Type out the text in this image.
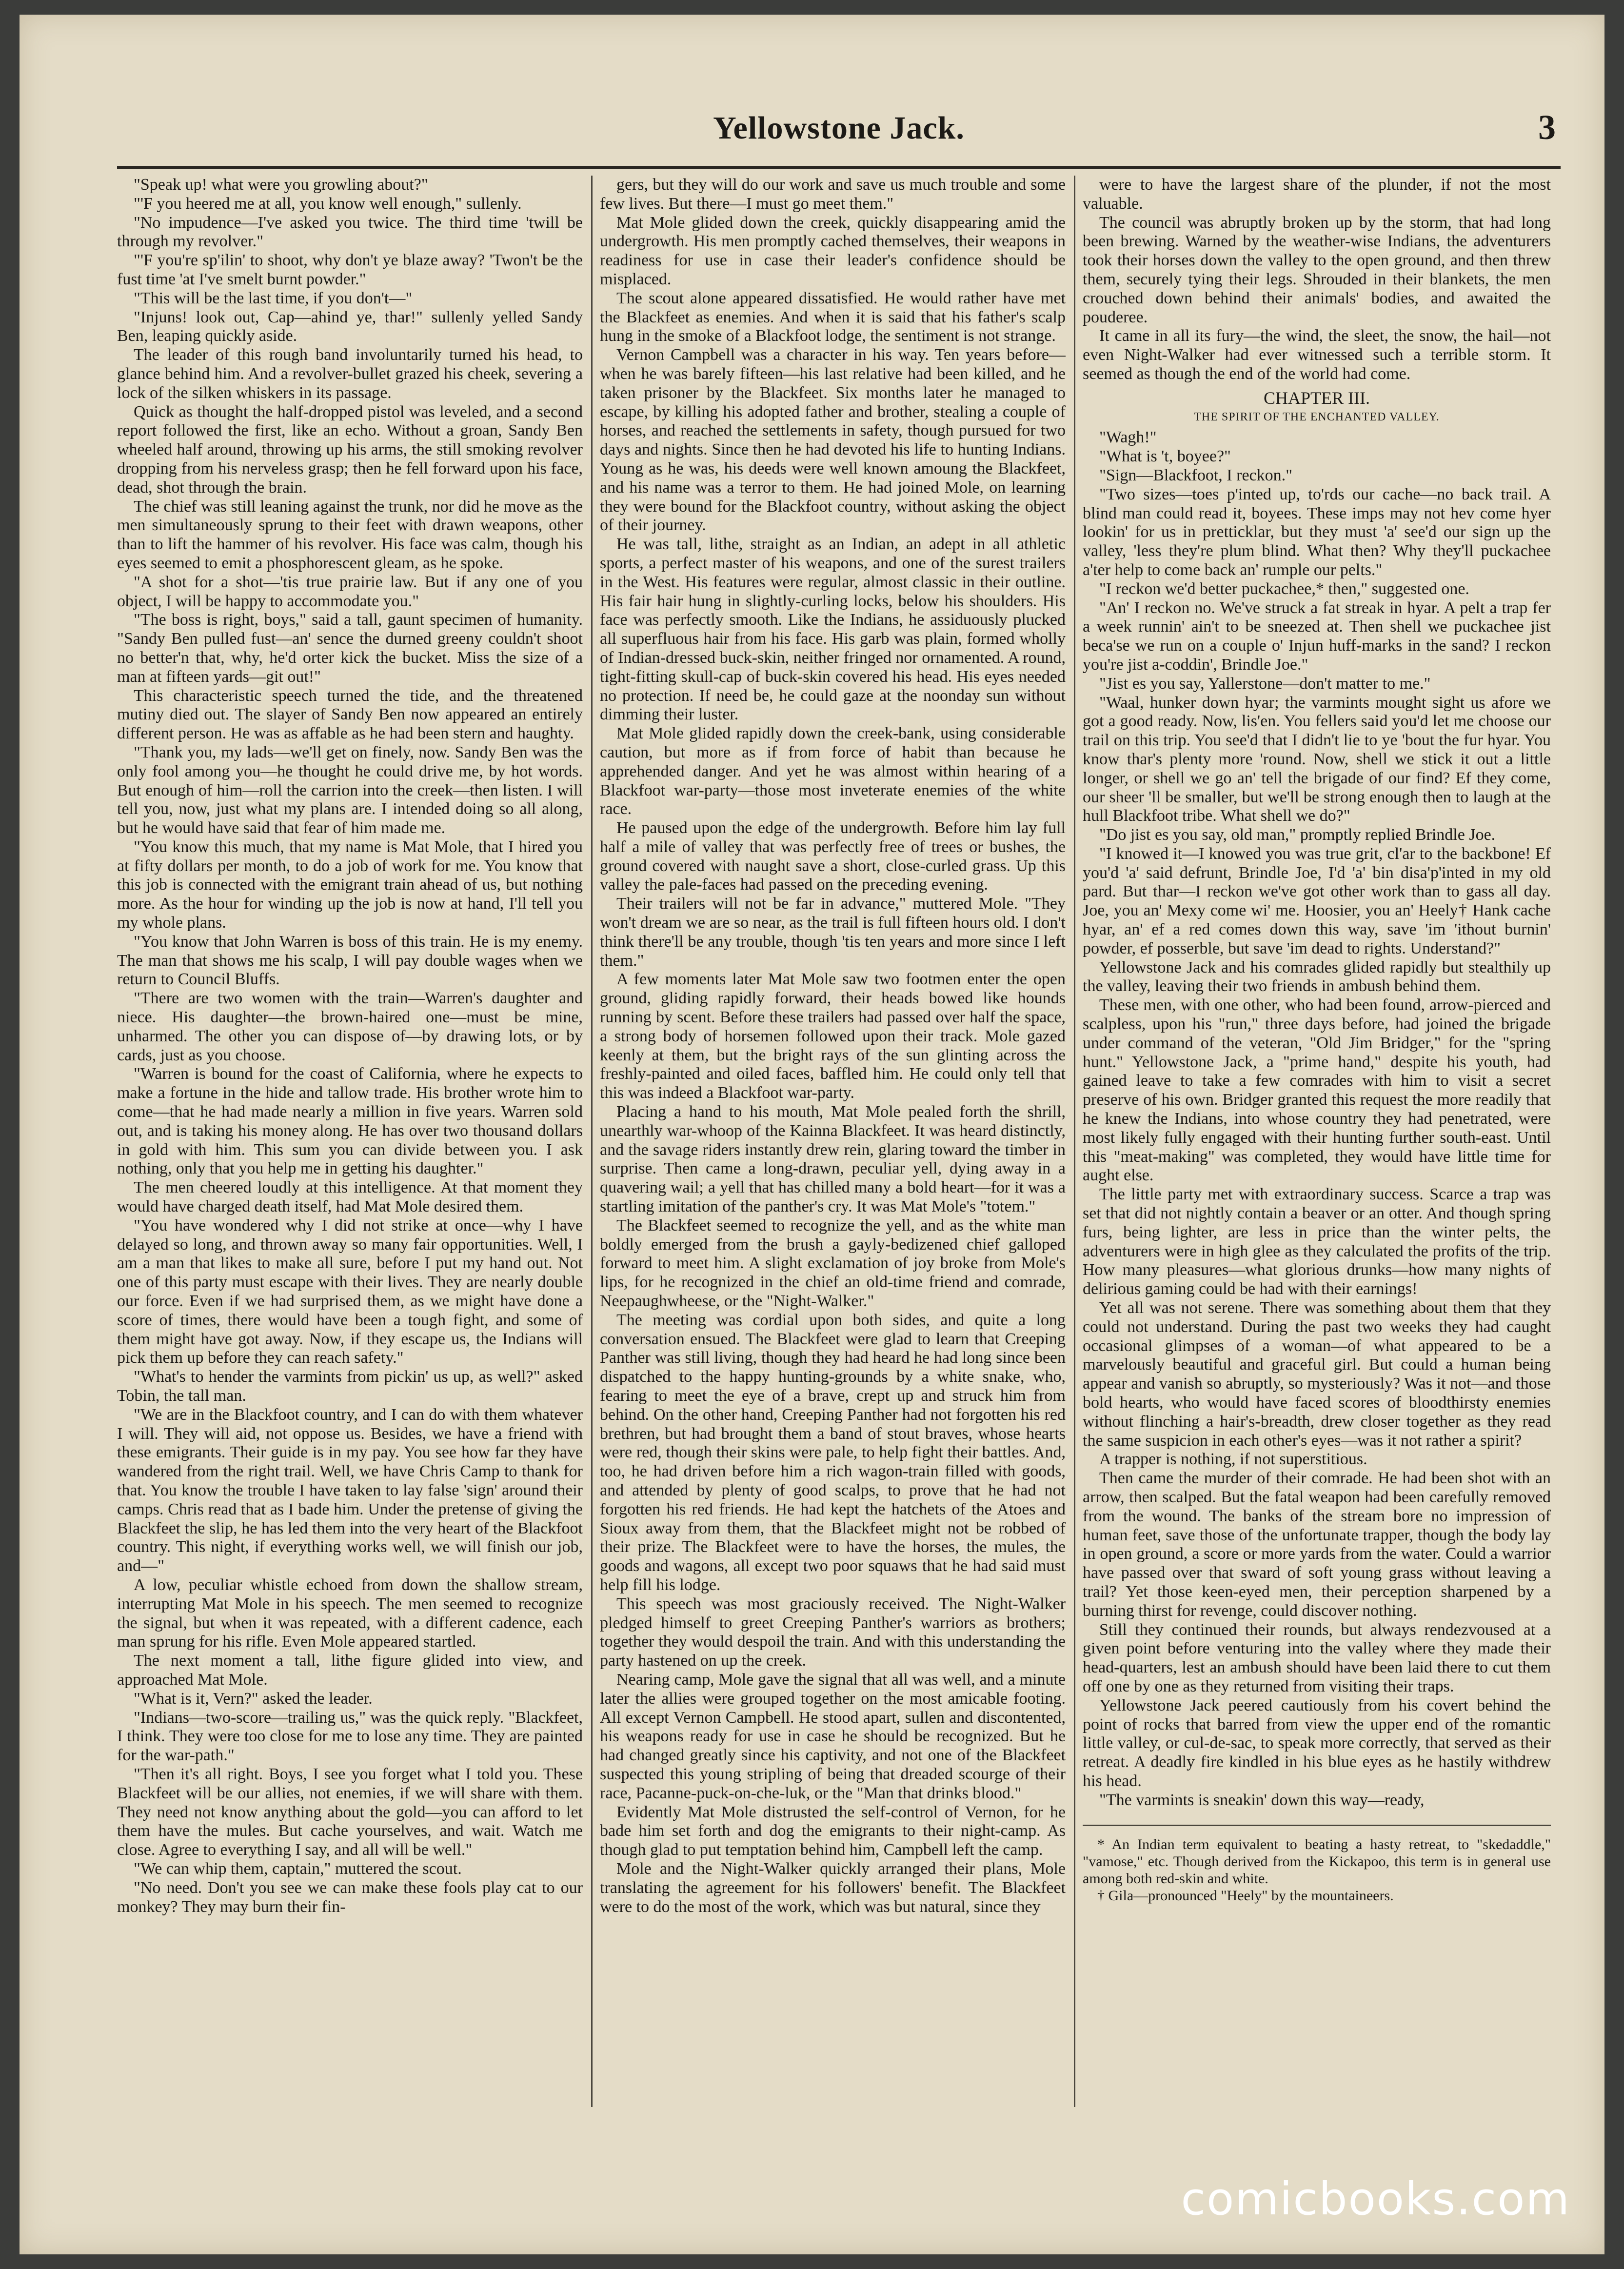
Yellowstone Jack.	3

"Speak up! what were you growling about?"

"'F you heered me at all, you know well enough," sullenly.

"No impudence—I've asked you twice. The third time 'twill be through my revolver."

"'F you're sp'ilin' to shoot, why don't ye blaze away? 'Twon't be the fust time 'at I've smelt burnt powder."

"This will be the last time, if you don't—"

"Injuns! look out, Cap—ahind ye, thar!" sullenly yelled Sandy Ben, leaping quickly aside.

The leader of this rough band involuntarily turned his head, to glance behind him. And a revolver-bullet grazed his cheek, severing a lock of the silken whiskers in its passage.

Quick as thought the half-dropped pistol was leveled, and a second report followed the first, like an echo. Without a groan, Sandy Ben wheeled half around, throwing up his arms, the still smoking revolver dropping from his nerveless grasp; then he fell forward upon his face, dead, shot through the brain.

The chief was still leaning against the trunk, nor did he move as the men simultaneously sprung to their feet with drawn weapons, other than to lift the hammer of his revolver. His face was calm, though his eyes seemed to emit a phosphorescent gleam, as he spoke.

"A shot for a shot—'tis true prairie law. But if any one of you object, I will be happy to accommodate you."

"The boss is right, boys," said a tall, gaunt specimen of humanity. "Sandy Ben pulled fust—an' sence the durned greeny couldn't shoot no better'n that, why, he'd orter kick the bucket. Miss the size of a man at fifteen yards—git out!"

This characteristic speech turned the tide, and the threatened mutiny died out. The slayer of Sandy Ben now appeared an entirely different person. He was as affable as he had been stern and haughty.

"Thank you, my lads—we'll get on finely, now. Sandy Ben was the only fool among you—he thought he could drive me, by hot words. But enough of him—roll the carrion into the creek—then listen. I will tell you, now, just what my plans are. I intended doing so all along, but he would have said that fear of him made me.

"You know this much, that my name is Mat Mole, that I hired you at fifty dollars per month, to do a job of work for me. You know that this job is connected with the emigrant train ahead of us, but nothing more. As the hour for winding up the job is now at hand, I'll tell you my whole plans.

"You know that John Warren is boss of this train. He is my enemy. The man that shows me his scalp, I will pay double wages when we return to Council Bluffs.

"There are two women with the train—Warren's daughter and niece. His daughter—the brown-haired one—must be mine, unharmed. The other you can dispose of—by drawing lots, or by cards, just as you choose.

"Warren is bound for the coast of California, where he expects to make a fortune in the hide and tallow trade. His brother wrote him to come—that he had made nearly a million in five years. Warren sold out, and is taking his money along. He has over two thousand dollars in gold with him. This sum you can divide between you. I ask nothing, only that you help me in getting his daughter."

The men cheered loudly at this intelligence. At that moment they would have charged death itself, had Mat Mole desired them.

"You have wondered why I did not strike at once—why I have delayed so long, and thrown away so many fair opportunities. Well, I am a man that likes to make all sure, before I put my hand out. Not one of this party must escape with their lives. They are nearly double our force. Even if we had surprised them, as we might have done a score of times, there would have been a tough fight, and some of them might have got away. Now, if they escape us, the Indians will pick them up before they can reach safety."

"What's to hender the varmints from pickin' us up, as well?" asked Tobin, the tall man.

"We are in the Blackfoot country, and I can do with them whatever I will. They will aid, not oppose us. Besides, we have a friend with these emigrants. Their guide is in my pay. You see how far they have wandered from the right trail. Well, we have Chris Camp to thank for that. You know the trouble I have taken to lay false 'sign' around their camps. Chris read that as I bade him. Under the pretense of giving the Blackfeet the slip, he has led them into the very heart of the Blackfoot country. This night, if everything works well, we will finish our job, and—"

A low, peculiar whistle echoed from down the shallow stream, interrupting Mat Mole in his speech. The men seemed to recognize the signal, but when it was repeated, with a different cadence, each man sprung for his rifle. Even Mole appeared startled.

The next moment a tall, lithe figure glided into view, and approached Mat Mole.

"What is it, Vern?" asked the leader.

"Indians—two-score—trailing us," was the quick reply. "Blackfeet, I think. They were too close for me to lose any time. They are painted for the war-path."

"Then it's all right. Boys, I see you forget what I told you. These Blackfeet will be our allies, not enemies, if we will share with them. They need not know anything about the gold—you can afford to let them have the mules. But cache yourselves, and wait. Watch me close. Agree to everything I say, and all will be well."

"We can whip them, captain," muttered the scout.

"No need. Don't you see we can make these fools play cat to our monkey? They may burn their fin-

gers, but they will do our work and save us much trouble and some few lives. But there—I must go meet them."

Mat Mole glided down the creek, quickly disappearing amid the undergrowth. His men promptly cached themselves, their weapons in readiness for use in case their leader's confidence should be misplaced.

The scout alone appeared dissatisfied. He would rather have met the Blackfeet as enemies. And when it is said that his father's scalp hung in the smoke of a Blackfoot lodge, the sentiment is not strange.

Vernon Campbell was a character in his way. Ten years before—when he was barely fifteen—his last relative had been killed, and he taken prisoner by the Blackfeet. Six months later he managed to escape, by killing his adopted father and brother, stealing a couple of horses, and reached the settlements in safety, though pursued for two days and nights. Since then he had devoted his life to hunting Indians. Young as he was, his deeds were well known amoung the Blackfeet, and his name was a terror to them. He had joined Mole, on learning they were bound for the Blackfoot country, without asking the object of their journey.

He was tall, lithe, straight as an Indian, an adept in all athletic sports, a perfect master of his weapons, and one of the surest trailers in the West. His features were regular, almost classic in their outline. His fair hair hung in slightly-curling locks, below his shoulders. His face was perfectly smooth. Like the Indians, he assiduously plucked all superfluous hair from his face. His garb was plain, formed wholly of Indian-dressed buck-skin, neither fringed nor ornamented. A round, tight-fitting skull-cap of buck-skin covered his head. His eyes needed no protection. If need be, he could gaze at the noonday sun without dimming their luster.

Mat Mole glided rapidly down the creek-bank, using considerable caution, but more as if from force of habit than because he apprehended danger. And yet he was almost within hearing of a Blackfoot war-party—those most inveterate enemies of the white race.

He paused upon the edge of the undergrowth. Before him lay full half a mile of valley that was perfectly free of trees or bushes, the ground covered with naught save a short, close-curled grass. Up this valley the pale-faces had passed on the preceding evening.

Their trailers will not be far in advance," muttered Mole. "They won't dream we are so near, as the trail is full fifteen hours old. I don't think there'll be any trouble, though 'tis ten years and more since I left them."

A few moments later Mat Mole saw two footmen enter the open ground, gliding rapidly forward, their heads bowed like hounds running by scent. Before these trailers had passed over half the space, a strong body of horsemen followed upon their track. Mole gazed keenly at them, but the bright rays of the sun glinting across the freshly-painted and oiled faces, baffled him. He could only tell that this was indeed a Blackfoot war-party.

Placing a hand to his mouth, Mat Mole pealed forth the shrill, unearthly war-whoop of the Kainna Blackfeet. It was heard distinctly, and the savage riders instantly drew rein, glaring toward the timber in surprise. Then came a long-drawn, peculiar yell, dying away in a quavering wail; a yell that has chilled many a bold heart—for it was a startling imitation of the panther's cry. It was Mat Mole's "totem."

The Blackfeet seemed to recognize the yell, and as the white man boldly emerged from the brush a gayly-bedizened chief galloped forward to meet him. A slight exclamation of joy broke from Mole's lips, for he recognized in the chief an old-time friend and comrade, Neepaughwheese, or the "Night-Walker."

The meeting was cordial upon both sides, and quite a long conversation ensued. The Blackfeet were glad to learn that Creeping Panther was still living, though they had heard he had long since been dispatched to the happy hunting-grounds by a white snake, who, fearing to meet the eye of a brave, crept up and struck him from behind. On the other hand, Creeping Panther had not forgotten his red brethren, but had brought them a band of stout braves, whose hearts were red, though their skins were pale, to help fight their battles. And, too, he had driven before him a rich wagon-train filled with goods, and attended by plenty of good scalps, to prove that he had not forgotten his red friends. He had kept the hatchets of the Atoes and Sioux away from them, that the Blackfeet might not be robbed of their prize. The Blackfeet were to have the horses, the mules, the goods and wagons, all except two poor squaws that he had said must help fill his lodge.

This speech was most graciously received. The Night-Walker pledged himself to greet Creeping Panther's warriors as brothers; together they would despoil the train. And with this understanding the party hastened on up the creek.

Nearing camp, Mole gave the signal that all was well, and a minute later the allies were grouped together on the most amicable footing. All except Vernon Campbell. He stood apart, sullen and discontented, his weapons ready for use in case he should be recognized. But he had changed greatly since his captivity, and not one of the Blackfeet suspected this young stripling of being that dreaded scourge of their race, Pacanne-puck-on-che-luk, or the "Man that drinks blood."

Evidently Mat Mole distrusted the self-control of Vernon, for he bade him set forth and dog the emigrants to their night-camp. As though glad to put temptation behind him, Campbell left the camp.

Mole and the Night-Walker quickly arranged their plans, Mole translating the agreement for his followers' benefit. The Blackfeet were to do the most of the work, which was but natural, since they

were to have the largest share of the plunder, if not the most valuable.

The council was abruptly broken up by the storm, that had long been brewing. Warned by the weather-wise Indians, the adventurers took their horses down the valley to the open ground, and then threw them, securely tying their legs. Shrouded in their blankets, the men crouched down behind their animals' bodies, and awaited the pouderee.

It came in all its fury—the wind, the sleet, the snow, the hail—not even Night-Walker had ever witnessed such a terrible storm. It seemed as though the end of the world had come.

CHAPTER III.
THE SPIRIT OF THE ENCHANTED VALLEY.

"Wagh!"

"What is 't, boyee?"

"Sign—Blackfoot, I reckon."

"Two sizes—toes p'inted up, to'rds our cache—no back trail. A blind man could read it, boyees. These imps may not hev come hyer lookin' for us in pretticklar, but they must 'a' see'd our sign up the valley, 'less they're plum blind. What then? Why they'll puckachee a'ter help to come back an' rumple our pelts."

"I reckon we'd better puckachee,* then," suggested one.

"An' I reckon no. We've struck a fat streak in hyar. A pelt a trap fer a week runnin' ain't to be sneezed at. Then shell we puckachee jist beca'se we run on a couple o' Injun huff-marks in the sand? I reckon you're jist a-coddin', Brindle Joe."

"Jist es you say, Yallerstone—don't matter to me."

"Waal, hunker down hyar; the varmints mought sight us afore we got a good ready. Now, lis'en. You fellers said you'd let me choose our trail on this trip. You see'd that I didn't lie to ye 'bout the fur hyar. You know thar's plenty more 'round. Now, shell we stick it out a little longer, or shell we go an' tell the brigade of our find? Ef they come, our sheer 'll be smaller, but we'll be strong enough then to laugh at the hull Blackfoot tribe. What shell we do?"

"Do jist es you say, old man," promptly replied Brindle Joe.

"I knowed it—I knowed you was true grit, cl'ar to the backbone! Ef you'd 'a' said defrunt, Brindle Joe, I'd 'a' bin disa'p'inted in my old pard. But thar—I reckon we've got other work than to gass all day. Joe, you an' Mexy come wi' me. Hoosier, you an' Heely† Hank cache hyar, an' ef a red comes down this way, save 'im 'ithout burnin' powder, ef posserble, but save 'im dead to rights. Understand?"

Yellowstone Jack and his comrades glided rapidly but stealthily up the valley, leaving their two friends in ambush behind them.

These men, with one other, who had been found, arrow-pierced and scalpless, upon his "run," three days before, had joined the brigade under command of the veteran, "Old Jim Bridger," for the "spring hunt." Yellowstone Jack, a "prime hand," despite his youth, had gained leave to take a few comrades with him to visit a secret preserve of his own. Bridger granted this request the more readily that he knew the Indians, into whose country they had penetrated, were most likely fully engaged with their hunting further south-east. Until this "meat-making" was completed, they would have little time for aught else.

The little party met with extraordinary success. Scarce a trap was set that did not nightly contain a beaver or an otter. And though spring furs, being lighter, are less in price than the winter pelts, the adventurers were in high glee as they calculated the profits of the trip. How many pleasures—what glorious drunks—how many nights of delirious gaming could be had with their earnings!

Yet all was not serene. There was something about them that they could not understand. During the past two weeks they had caught occasional glimpses of a woman—of what appeared to be a marvelously beautiful and graceful girl. But could a human being appear and vanish so abruptly, so mysteriously? Was it not—and those bold hearts, who would have faced scores of bloodthirsty enemies without flinching a hair's-breadth, drew closer together as they read the same suspicion in each other's eyes—was it not rather a spirit?

A trapper is nothing, if not superstitious.

Then came the murder of their comrade. He had been shot with an arrow, then scalped. But the fatal weapon had been carefully removed from the wound. The banks of the stream bore no impression of human feet, save those of the unfortunate trapper, though the body lay in open ground, a score or more yards from the water. Could a warrior have passed over that sward of soft young grass without leaving a trail? Yet those keen-eyed men, their perception sharpened by a burning thirst for revenge, could discover nothing.

Still they continued their rounds, but always rendezvoused at a given point before venturing into the valley where they made their head-quarters, lest an ambush should have been laid there to cut them off one by one as they returned from visiting their traps.

Yellowstone Jack peered cautiously from his covert behind the point of rocks that barred from view the upper end of the romantic little valley, or cul-de-sac, to speak more correctly, that served as their retreat. A deadly fire kindled in his blue eyes as he hastily withdrew his head.

"The varmints is sneakin' down this way—ready,

* An Indian term equivalent to beating a hasty retreat, to "skedaddle," "vamose," etc. Though derived from the Kickapoo, this term is in general use among both red-skin and white.

† Gila—pronounced "Heely" by the mountaineers.

comicbooks.com
